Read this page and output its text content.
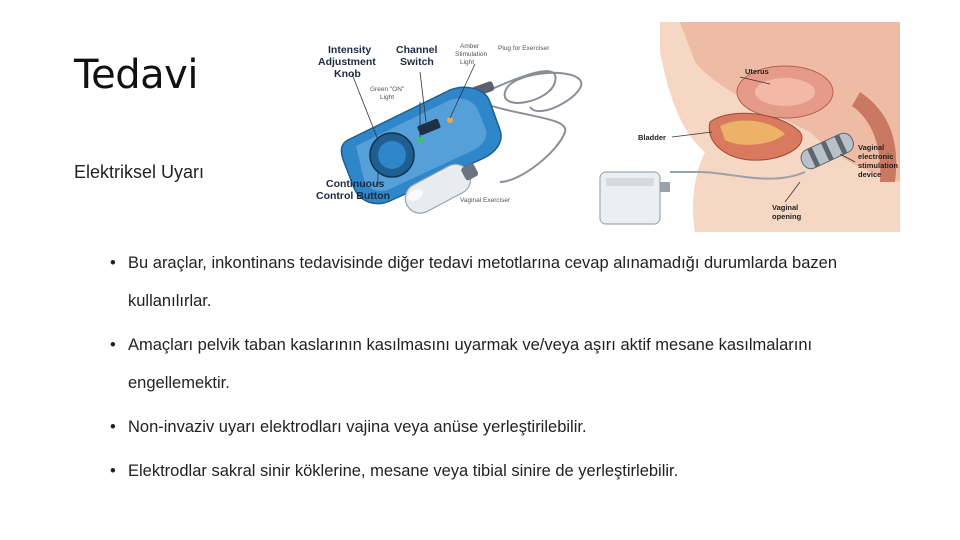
Tedavi
Elektriksel Uyarı
Intensity
Adjustment
Knob
Channel
Switch
Amber
Stimulation
Light
Plug for Exerciser
Green "ON"
Light
Continuous
Control Button	Vaginal Exerciser
Uterus
Bladder
Vaginal
electronic
stimulation
device
Vaginal
opening
• Bu araçlar, inkontinans tedavisinde diğer tedavi metotlarına cevap alınamadığı durumlarda bazen kullanılırlar.
• Amaçları pelvik taban kaslarının kasılmasını uyarmak ve/veya aşırı aktif mesane kasılmalarını engellemektir.
• Non-invaziv uyarı elektrodları vajina veya anüse yerleştirilebilir.
• Elektrodlar sakral sinir köklerine, mesane veya tibial sinire de yerleştirlebilir.
